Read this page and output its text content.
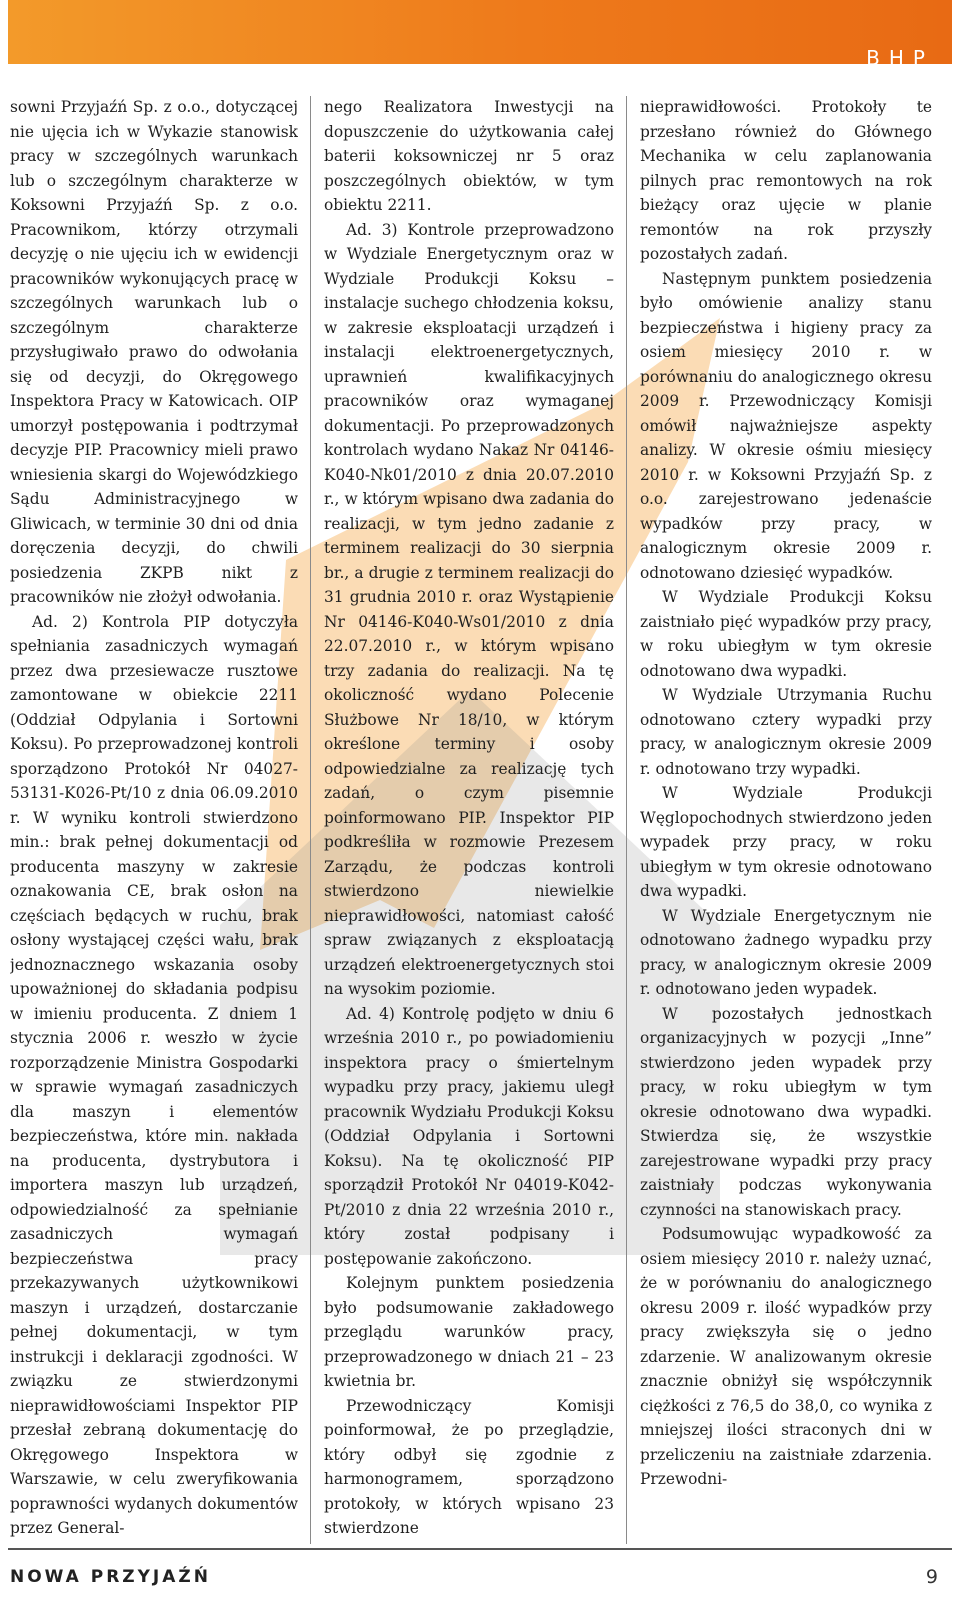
BHP

sowni Przyjaźń Sp. z o.o., dotyczącej nie ujęcia ich w Wykazie stanowisk pracy w szczególnych warunkach lub o szczególnym charakterze w Koksowni Przyjaźń Sp. z o.o. Pracownikom, którzy otrzymali decyzję o nie ujęciu ich w ewidencji pracowników wykonujących pracę w szczególnych warunkach lub o szczególnym charakterze przysługiwało prawo do odwołania się od decyzji, do Okręgowego Inspektora Pracy w Katowicach. OIP umorzył postępowania i podtrzymał decyzje PIP. Pracownicy mieli prawo wniesienia skargi do Wojewódzkiego Sądu Administracyjnego w Gliwicach, w terminie 30 dni od dnia doręczenia decyzji, do chwili posiedzenia ZKPB nikt z pracowników nie złożył odwołania.

Ad. 2) Kontrola PIP dotyczyła spełniania zasadniczych wymagań przez dwa przesiewacze rusztowe zamontowane w obiekcie 2211 (Oddział Odpylania i Sortowni Koksu). Po przeprowadzonej kontroli sporządzono Protokół Nr 04027-53131-K026-Pt/10 z dnia 06.09.2010 r. W wyniku kontroli stwierdzono min.: brak pełnej dokumentacji od producenta maszyny w zakresie oznakowania CE, brak osłon na częściach będących w ruchu, brak osłony wystającej części wału, brak jednoznacznego wskazania osoby upoważnionej do składania podpisu w imieniu producenta. Z dniem 1 stycznia 2006 r. weszło w życie rozporządzenie Ministra Gospodarki w sprawie wymagań zasadniczych dla maszyn i elementów bezpieczeństwa, które min. nakłada na producenta, dystrybutora i importera maszyn lub urządzeń, odpowiedzialność za spełnianie zasadniczych wymagań bezpieczeństwa pracy przekazywanych użytkownikowi maszyn i urządzeń, dostarczanie pełnej dokumentacji, w tym instrukcji i deklaracji zgodności. W związku ze stwierdzonymi nieprawidłowościami Inspektor PIP przesłał zebraną dokumentację do Okręgowego Inspektora w Warszawie, w celu zweryfikowania poprawności wydanych dokumentów przez General-

nego Realizatora Inwestycji na dopuszczenie do użytkowania całej baterii koksowniczej nr 5 oraz poszczególnych obiektów, w tym obiektu 2211.

Ad. 3) Kontrole przeprowadzono w Wydziale Energetycznym oraz w Wydziale Produkcji Koksu – instalacje suchego chłodzenia koksu, w zakresie eksploatacji urządzeń i instalacji elektroenergetycznych, uprawnień kwalifikacyjnych pracowników oraz wymaganej dokumentacji. Po przeprowadzonych kontrolach wydano Nakaz Nr 04146-K040-Nk01/2010 z dnia 20.07.2010 r., w którym wpisano dwa zadania do realizacji, w tym jedno zadanie z terminem realizacji do 30 sierpnia br., a drugie z terminem realizacji do 31 grudnia 2010 r. oraz Wystąpienie Nr 04146-K040-Ws01/2010 z dnia 22.07.2010 r., w którym wpisano trzy zadania do realizacji. Na tę okoliczność wydano Polecenie Służbowe Nr 18/10, w którym określone terminy i osoby odpowiedzialne za realizację tych zadań, o czym pisemnie poinformowano PIP. Inspektor PIP podkreśliła w rozmowie Prezesem Zarządu, że podczas kontroli stwierdzono niewielkie nieprawidłowości, natomiast całość spraw związanych z eksploatacją urządzeń elektroenergetycznych stoi na wysokim poziomie.

Ad. 4) Kontrolę podjęto w dniu 6 września 2010 r., po powiadomieniu inspektora pracy o śmiertelnym wypadku przy pracy, jakiemu uległ pracownik Wydziału Produkcji Koksu (Oddział Odpylania i Sortowni Koksu). Na tę okoliczność PIP sporządził Protokół Nr 04019-K042-Pt/2010 z dnia 22 września 2010 r., który został podpisany i postępowanie zakończono.

Kolejnym punktem posiedzenia było podsumowanie zakładowego przeglądu warunków pracy, przeprowadzonego w dniach 21 – 23 kwietnia br.

Przewodniczący Komisji poinformował, że po przeglądzie, który odbył się zgodnie z harmonogramem, sporządzono protokoły, w których wpisano 23 stwierdzone

nieprawidłowości. Protokoły te przesłano również do Głównego Mechanika w celu zaplanowania pilnych prac remontowych na rok bieżący oraz ujęcie w planie remontów na rok przyszły pozostałych zadań.

Następnym punktem posiedzenia było omówienie analizy stanu bezpieczeństwa i higieny pracy za osiem miesięcy 2010 r. w porównaniu do analogicznego okresu 2009 r. Przewodniczący Komisji omówił najważniejsze aspekty analizy. W okresie ośmiu miesięcy 2010 r. w Koksowni Przyjaźń Sp. z o.o. zarejestrowano jedenaście wypadków przy pracy, w analogicznym okresie 2009 r. odnotowano dziesięć wypadków.

W Wydziale Produkcji Koksu zaistniało pięć wypadków przy pracy, w roku ubiegłym w tym okresie odnotowano dwa wypadki.

W Wydziale Utrzymania Ruchu odnotowano cztery wypadki przy pracy, w analogicznym okresie 2009 r. odnotowano trzy wypadki.

W Wydziale Produkcji Węglopochodnych stwierdzono jeden wypadek przy pracy, w roku ubiegłym w tym okresie odnotowano dwa wypadki.

W Wydziale Energetycznym nie odnotowano żadnego wypadku przy pracy, w analogicznym okresie 2009 r. odnotowano jeden wypadek.

W pozostałych jednostkach organizacyjnych w pozycji „Inne” stwierdzono jeden wypadek przy pracy, w roku ubiegłym w tym okresie odnotowano dwa wypadki. Stwierdza się, że wszystkie zarejestrowane wypadki przy pracy zaistniały podczas wykonywania czynności na stanowiskach pracy.

Podsumowując wypadkowość za osiem miesięcy 2010 r. należy uznać, że w porównaniu do analogicznego okresu 2009 r. ilość wypadków przy pracy zwiększyła się o jedno zdarzenie. W analizowanym okresie znacznie obniżył się współczynnik ciężkości z 76,5 do 38,0, co wynika z mniejszej ilości straconych dni w przeliczeniu na zaistniałe zdarzenia. Przewodni-

NOWA PRZYJAŹŃ	9
